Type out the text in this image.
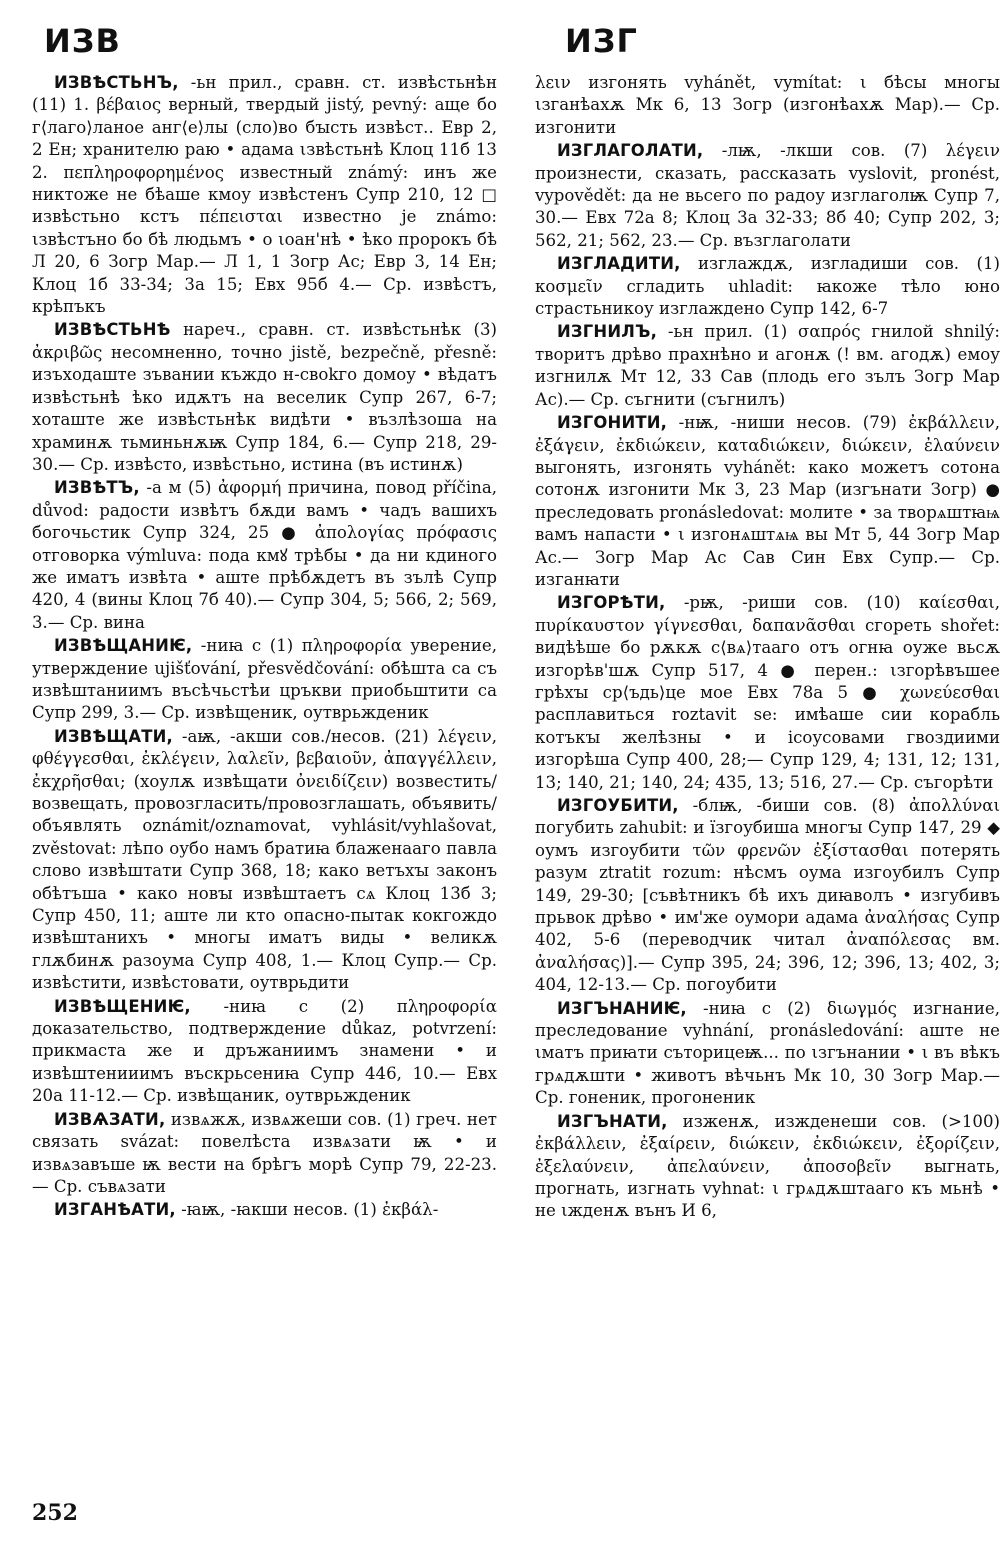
ИЗВ	ИЗГ

ИЗВѢСТЬНЪ, -ьн прил., сравн. ст. извѣстьнѣн (11) 1. βέβαιος верный, твердый jistý, pevný: аще бо г⟨лаго⟩ланое анг⟨е⟩лы (сло)во бꙑсть извѣст.. Евр 2, 2 Ен; хранителю раю • адама ιзвѣстьнѣ Клоц 11б 13 2. πεπληροφορημένος известный známý: инъ же никтоже не бѣаше кмоу извѣстенъ Супр 210, 12 □ извѣстьно кстъ πέπεισται известно je známo: ιзвѣстъно бо бѣ людьмъ • о ιоан'нѣ • ѣко пророкъ бѣ Л 20, 6 Зогр Мар.— Л 1, 1 Зогр Ас; Евр 3, 14 Ен; Клоц 1б 33-34; 3а 15; Евх 95б 4.— Ср. извѣстъ, крѣпъкъ

ИЗВѢСТЬНѢ нареч., сравн. ст. извѣстьнѣк (3) ἀκριβῶς несомненно, точно jistě, bezpečně, přesně: изъходаште зъвании къждо н-своkго домоу • вѣдатъ извѣстьнѣ ѣко идѫтъ на веселик Супр 267, 6-7; хоташте же извѣстьнѣк видѣти • възлѣзоша на храминѫ тьминьнѫѭ Супр 184, 6.— Супр 218, 29-30.— Ср. извѣсто, извѣстьно, истина (въ истинѫ)

ИЗВѢТЪ, -а м (5) ἀφορμή причина, повод příčina, důvod: радости извѣтъ бѫди вамъ • чадъ вашихъ богочьстик Супр 324, 25 ● ἀπολογίας πρόφασις отговорка výmluva: пода кмꙋ трѣбы • да ни кдиного же иматъ извѣта • аште прѣбѫдетъ въ зълѣ Супр 420, 4 (вины Клоц 7б 40).— Супр 304, 5; 566, 2; 569, 3.— Ср. вина

ИЗВѢЩАНИѤ, -ниꙗ с (1) πληροφορία уверение, утверждение ujišťování, přesvědčování: обѣшта са съ извѣштаниимъ въсѣчьстѣи цръкви приобьштити са Супр 299, 3.— Ср. извѣщеник, оутврьжденик

ИЗВѢЩАТИ, -аѭ, -акши сов./несов. (21) λέγειν, φθέγγεσθαι, ἐκλέγειν, λαλεῖν, βεβαιοῦν, ἀπαγγέλλειν, ἐκχρῆσθαι; (хоулѫ извѣщати ὀνειδίζειν) возвестить/возвещать, провозгласить/провозглашать, объявить/объявлять oznámit/oznamovat, vyhlásit/vyhlašovat, zvěstovat: лѣпо оубо намъ братиꙗ блаженааго павла слово извѣштати Супр 368, 18; како ветъхꙑ законъ обѣтъша • како новꙑ извѣштаетъ сѧ Клоц 13б 3; Супр 450, 11; аште ли кто опасно-пытак кокгождо извѣштанихъ • многы иматъ виды • великѫ глѫбинѫ разоума Супр 408, 1.— Клоц Супр.— Ср. извѣстити, извѣстовати, оутврьдити

ИЗВѢЩЕНИѤ, -ниꙗ с (2) πληροφορία доказательство, подтверждение důkaz, potvrzení: прикмаста же и дръжаниимъ знамени • и извѣштенииимъ въскрьсениꙗ Супр 446, 10.— Евх 20а 11-12.— Ср. извѣщаник, оутврьжденик

ИЗВѦЗАТИ, извѧжѫ, извѧжеши сов. (1) греч. нет связать svázat: повелѣста извѧзати ѭ • и извѧзавъше ѭ вести на брѣгъ морѣ Супр 79, 22-23.— Ср. съвѧзати

ИЗГАНѢАТИ, -ꙗѭ, -ꙗкши несов. (1) ἐκβάλ-

λειν изгонять vyhánět, vymítat: ι бѣсы многы ιзганѣахѫ Мк 6, 13 Зогр (изгонѣахѫ Мар).— Ср. изгонити

ИЗГЛАГОЛАТИ, -лѭ, -лкши сов. (7) λέγειν произнести, сказать, рассказать vyslovit, pronést, vypovědět: да не вьсего по радоу изглаголѭ Супр 7, 30.— Евх 72а 8; Клоц 3а 32-33; 8б 40; Супр 202, 3; 562, 21; 562, 23.— Ср. възглаголати

ИЗГЛАДИТИ, изглаждѫ, изгладиши сов. (1) κοσμεῖν сгладить uhladit: ꙗкоже тѣло юно страстьникоу изглаждено Супр 142, 6-7

ИЗГНИЛЪ, -ьн прил. (1) σαπρός гнилой shnilý: творитъ дрѣво прахнѣно и агонѫ (! вм. агодѫ) емоу изгнилѫ Мт 12, 33 Сав (плодь его зълъ Зогр Мар Ас).— Ср. съгнити (съгнилъ)

ИЗГОНИТИ, -нѭ, -ниши несов. (79) ἐκβάλλειν, ἐξάγειν, ἐκδιώκειν, καταδιώκειν, διώκειν, ἐλαύνειν выгонять, изгонять vyhánět: како можетъ сотона сотонѫ изгонити Мк 3, 23 Мар (изгънати Зогр) ● преследовать pronásledovat: молите • за творѧштꙗѩ вамъ напасти • ι изгонѧштѧѩ вы Мт 5, 44 Зогр Мар Ас.— Зогр Мар Ас Сав Син Евх Супр.— Ср. изганꙗти

ИЗГОРѢТИ, -рѭ, -риши сов. (10) καίεσθαι, πυρίκαυστον γίγνεσθαι, δαπανᾶσθαι сгореть shořet: видѣѣше бо рѫкѫ с⟨вѧ⟩тааго отъ огнꙗ оуже вьсѫ изгорѣв'шѫ Супр 517, 4 ● перен.: ιзгорѣвъшее грѣхꙑ ср⟨ъдь⟩це мое Евх 78а 5 ● χωνεύεσθαι расплавиться roztavit se: имѣаше сии корабль котъкꙑ желѣзны • и ісоусовами гвоздиими изгорѣша Супр 400, 28;— Супр 129, 4; 131, 12; 131, 13; 140, 21; 140, 24; 435, 13; 516, 27.— Ср. съгорѣти

ИЗГОУБИТИ, -блѭ, -биши сов. (8) ἀπολλύναι погубить zahubit: и їзгоубиша многꙑ Супр 147, 29 ◆ оумъ изгоубити τῶν φρενῶν ἐξίστασθαι потерять разум ztratit rozum: нѣсмъ оума изгоубилъ Супр 149, 29-30; [съвѣтникъ бѣ ихъ диꙗволъ • изгубивъ прьвок дрѣво • им'же оумори адама ἀναλήσας Супр 402, 5-6 (переводчик читал ἀναπόλεσας вм. ἀναλήσας)].— Супр 395, 24; 396, 12; 396, 13; 402, 3; 404, 12-13.— Ср. погоубити

ИЗГЪНАНИѤ, -ниꙗ с (2) διωγμός изгнание, преследование vyhnání, pronásledování: аште не ιматъ приꙗти съторицеѭ... по ιзгънании • ι въ вѣкъ грѧдѫшти • животъ вѣчьнъ Мк 10, 30 Зогр Мар.— Ср. гоненик, прогоненик

ИЗГЪНАТИ, изженѫ, изжденеши сов. (>100) ἐκβάλλειν, ἐξαίρειν, διώκειν, ἐκδιώκειν, ἐξορίζειν, ἐξελαύνειν, ἀπελαύνειν, ἀποσοβεῖν выгнать, прогнать, изгнать vyhnat: ι грѧдѫштааго къ мьнѣ • не ιжденѫ вънъ И 6,

252
